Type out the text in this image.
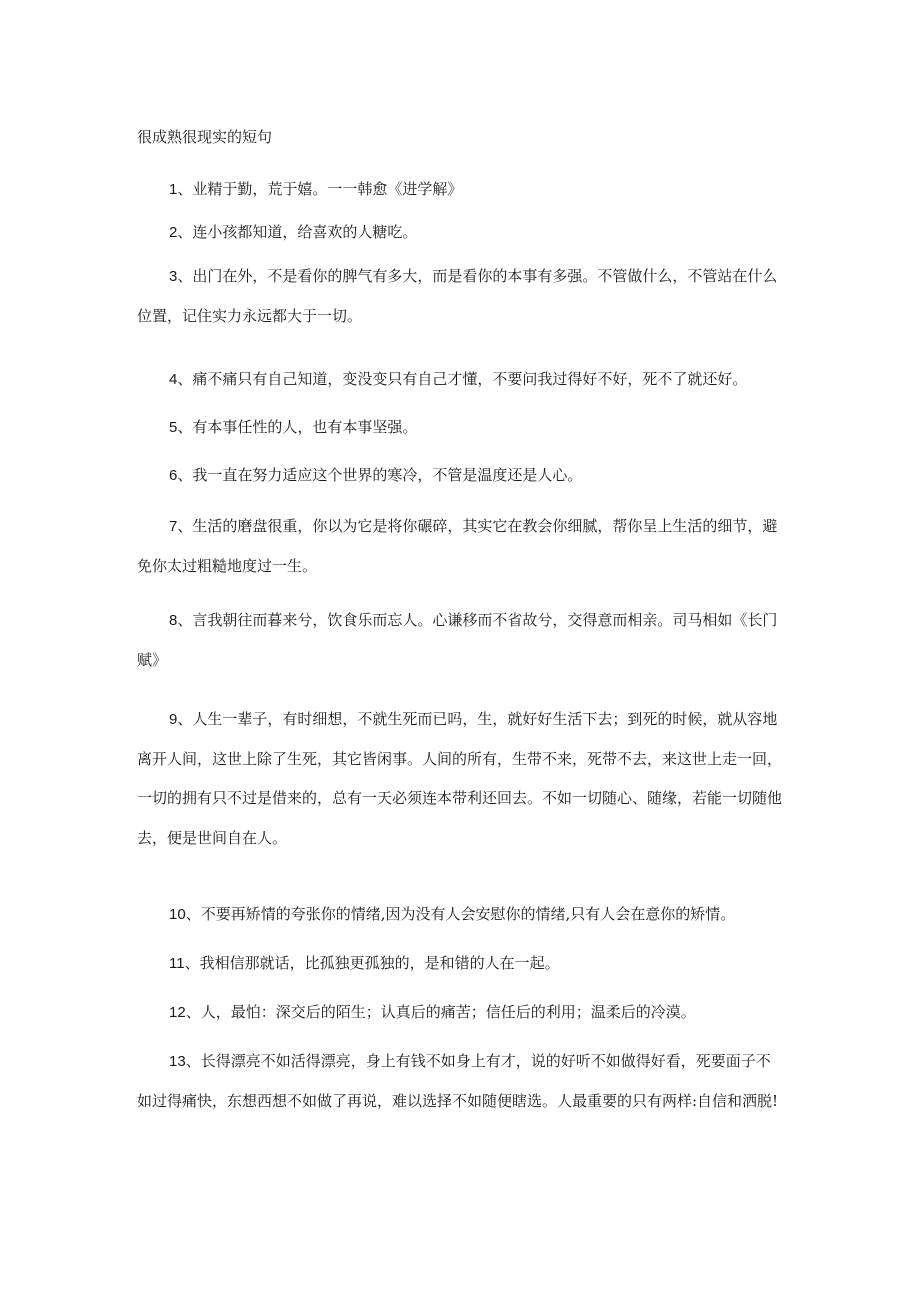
很成熟很现实的短句

1、业精于勤，荒于嬉。一一韩愈《进学解》

2、连小孩都知道，给喜欢的人糖吃。

3、出门在外，不是看你的脾气有多大，而是看你的本事有多强。不管做什么，不管站在什么位置，记住实力永远都大于一切。

4、痛不痛只有自己知道，变没变只有自己才懂，不要问我过得好不好，死不了就还好。

5、有本事任性的人，也有本事坚强。

6、我一直在努力适应这个世界的寒冷，不管是温度还是人心。

7、生活的磨盘很重，你以为它是将你碾碎，其实它在教会你细腻，帮你呈上生活的细节，避免你太过粗糙地度过一生。

8、言我朝往而暮来兮，饮食乐而忘人。心谦移而不省故兮，交得意而相亲。司马相如《长门赋》

9、人生一辈子，有时细想，不就生死而已吗，生，就好好生活下去；到死的时候，就从容地离开人间，这世上除了生死，其它皆闲事。人间的所有，生带不来，死带不去，来这世上走一回，一切的拥有只不过是借来的，总有一天必须连本带利还回去。不如一切随心、随缘，若能一切随他去，便是世间自在人。

10、不要再矫情的夸张你的情绪,因为没有人会安慰你的情绪,只有人会在意你的矫情。

11、我相信那就话，比孤独更孤独的，是和错的人在一起。

12、人，最怕：深交后的陌生；认真后的痛苦；信任后的利用；温柔后的冷漠。

13、长得漂亮不如活得漂亮，身上有钱不如身上有才，说的好听不如做得好看，死要面子不如过得痛快，东想西想不如做了再说，难以选择不如随便瞎选。人最重要的只有两样:自信和洒脱!
